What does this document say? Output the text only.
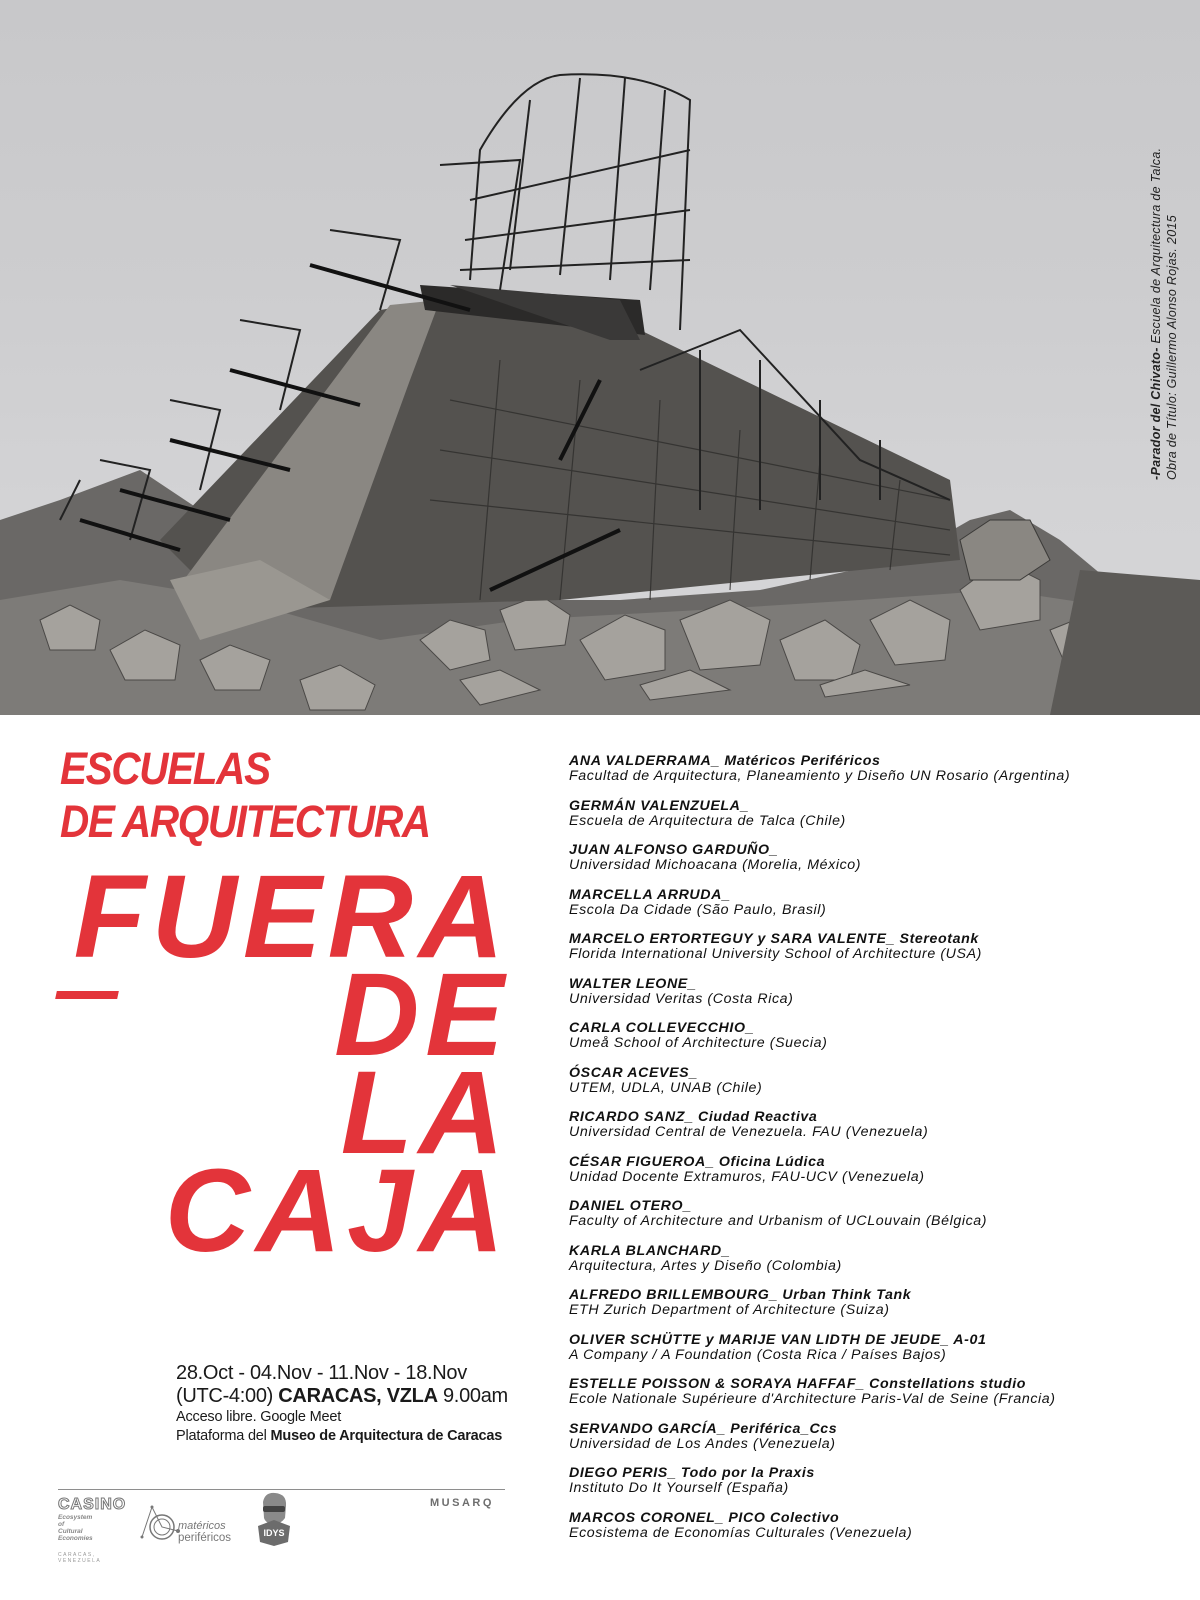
-Parador del Chivato- Escuela de Arquitectura de Talca. Obra de Título: Guillermo Alonso Rojas. 2015
ESCUELAS
DE ARQUITECTURA
FUERA
DE
LA
CAJA
28.Oct - 04.Nov - 11.Nov - 18.Nov
(UTC-4:00) CARACAS, VZLA 9.00am
Acceso libre. Google Meet
Plataforma del Museo de Arquitectura de Caracas
CASINO
Ecosystem
of
Cultural
Economies
CARACAS, VENEZUELA
matéricos
periféricos	IDYS
MUSARQ
ANA VALDERRAMA_ Matéricos Periféricos
Facultad de Arquitectura, Planeamiento y Diseño UN Rosario (Argentina)
GERMÁN VALENZUELA_
Escuela de Arquitectura de Talca (Chile)
JUAN ALFONSO GARDUÑO_
Universidad Michoacana (Morelia, México)
MARCELLA ARRUDA_
Escola Da Cidade (São Paulo, Brasil)
MARCELO ERTORTEGUY y SARA VALENTE_ Stereotank
Florida International University School of Architecture (USA)
WALTER LEONE_
Universidad Veritas (Costa Rica)
CARLA COLLEVECCHIO_
Umeå School of Architecture (Suecia)
ÓSCAR ACEVES_
UTEM, UDLA, UNAB (Chile)
RICARDO SANZ_ Ciudad Reactiva
Universidad Central de Venezuela. FAU (Venezuela)
CÉSAR FIGUEROA_ Oficina Lúdica
Unidad Docente Extramuros, FAU-UCV (Venezuela)
DANIEL OTERO_
Faculty of Architecture and Urbanism of UCLouvain (Bélgica)
KARLA BLANCHARD_
Arquitectura, Artes y Diseño (Colombia)
ALFREDO BRILLEMBOURG_ Urban Think Tank
ETH Zurich Department of Architecture (Suiza)
OLIVER SCHÜTTE y MARIJE VAN LIDTH DE JEUDE_ A-01
A Company / A Foundation (Costa Rica / Países Bajos)
ESTELLE POISSON & SORAYA HAFFAF_ Constellations studio
Ecole Nationale Supérieure d'Architecture Paris-Val de Seine (Francia)
SERVANDO GARCÍA_ Periférica_Ccs
Universidad de Los Andes (Venezuela)
DIEGO PERIS_ Todo por la Praxis
Instituto Do It Yourself (España)
MARCOS CORONEL_ PICO Colectivo
Ecosistema de Economías Culturales (Venezuela)
